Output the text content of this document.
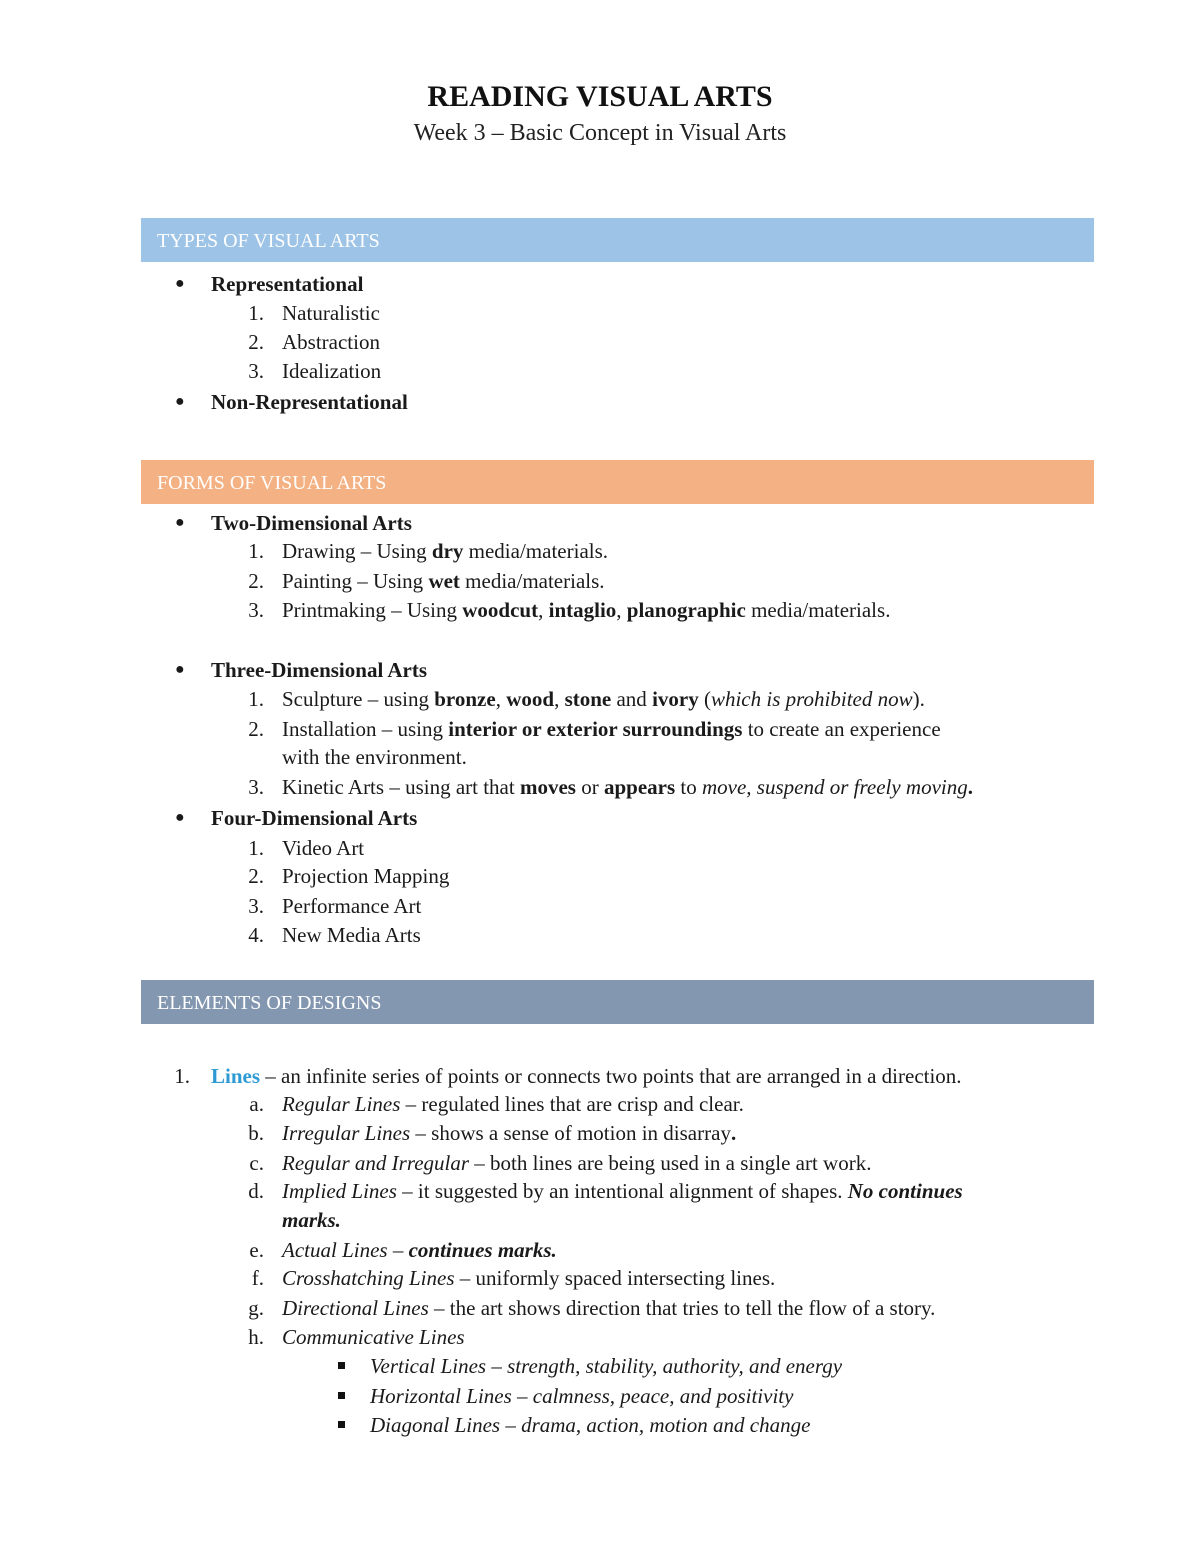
READING VISUAL ARTS
Week 3 – Basic Concept in Visual Arts
TYPES OF VISUAL ARTS
● Representational
1. Naturalistic
2. Abstraction
3. Idealization
● Non-Representational
FORMS OF VISUAL ARTS
● Two-Dimensional Arts
1. Drawing – Using dry media/materials.
2. Painting – Using wet media/materials.
3. Printmaking – Using woodcut, intaglio, planographic media/materials.
● Three-Dimensional Arts
1. Sculpture – using bronze, wood, stone and ivory (which is prohibited now).
2. Installation – using interior or exterior surroundings to create an experience
with the environment.
3. Kinetic Arts – using art that moves or appears to move, suspend or freely moving.
● Four-Dimensional Arts
1. Video Art
2. Projection Mapping
3. Performance Art
4. New Media Arts
ELEMENTS OF DESIGNS
1. Lines – an infinite series of points or connects two points that are arranged in a direction.
a. Regular Lines – regulated lines that are crisp and clear.
b. Irregular Lines – shows a sense of motion in disarray.
c. Regular and Irregular – both lines are being used in a single art work.
d. Implied Lines – it suggested by an intentional alignment of shapes. No continues
marks.
e. Actual Lines – continues marks.
f. Crosshatching Lines – uniformly spaced intersecting lines.
g. Directional Lines – the art shows direction that tries to tell the flow of a story.
h. Communicative Lines
Vertical Lines – strength, stability, authority, and energy
Horizontal Lines – calmness, peace, and positivity
Diagonal Lines – drama, action, motion and change
